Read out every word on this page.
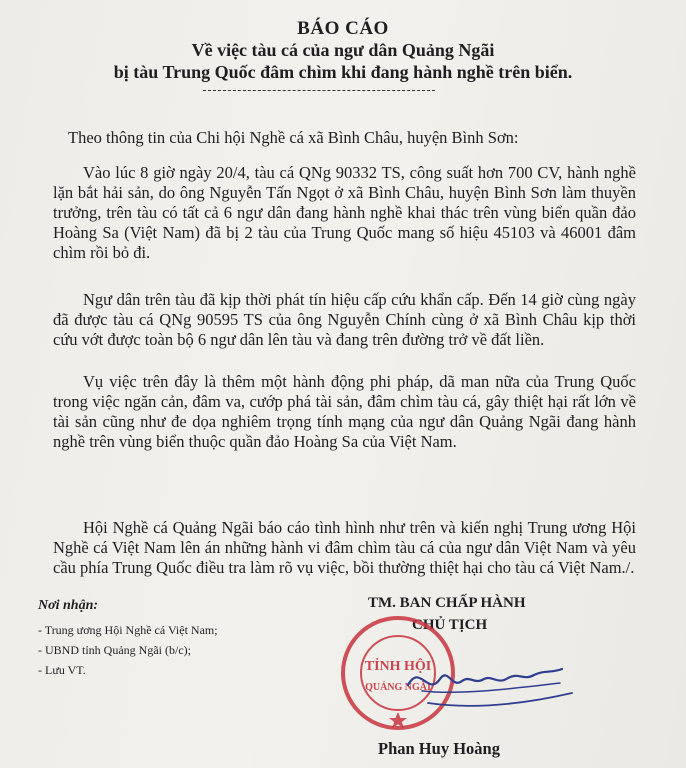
BÁO CÁO
Về việc tàu cá của ngư dân Quảng Ngãi
bị tàu Trung Quốc đâm chìm khi đang hành nghề trên biển.
Theo thông tin của Chi hội Nghề cá xã Bình Châu, huyện Bình Sơn:

Vào lúc 8 giờ ngày 20/4, tàu cá QNg 90332 TS, công suất hơn 700 CV, hành nghề lặn bắt hải sản, do ông Nguyễn Tấn Ngọt ở xã Bình Châu, huyện Bình Sơn làm thuyền trưởng, trên tàu có tất cả 6 ngư dân đang hành nghề khai thác trên vùng biển quần đảo Hoàng Sa (Việt Nam) đã bị 2 tàu của Trung Quốc mang số hiệu 45103 và 46001 đâm chìm rồi bỏ đi.

Ngư dân trên tàu đã kịp thời phát tín hiệu cấp cứu khẩn cấp. Đến 14 giờ cùng ngày đã được tàu cá QNg 90595 TS của ông Nguyễn Chính cùng ở xã Bình Châu kịp thời cứu vớt được toàn bộ 6 ngư dân lên tàu và đang trên đường trở về đất liền.

Vụ việc trên đây là thêm một hành động phi pháp, dã man nữa của Trung Quốc trong việc ngăn cản, đâm va, cướp phá tài sản, đâm chìm tàu cá, gây thiệt hại rất lớn về tài sản cũng như đe dọa nghiêm trọng tính mạng của ngư dân Quảng Ngãi đang hành nghề trên vùng biển thuộc quần đảo Hoàng Sa của Việt Nam.

Hội Nghề cá Quảng Ngãi báo cáo tình hình như trên và kiến nghị Trung ương Hội Nghề cá Việt Nam lên án những hành vi đâm chìm tàu cá của ngư dân Việt Nam và yêu cầu phía Trung Quốc điều tra làm rõ vụ việc, bồi thường thiệt hại cho tàu cá Việt Nam./.

Nơi nhận:
- Trung ương Hội Nghề cá Việt Nam;
- UBND tỉnh Quảng Ngãi (b/c);
- Lưu VT.
TM. BAN CHẤP HÀNH
CHỦ TỊCH
TỈNH HỘI
QUẢNG NGÃI
Phan Huy Hoàng
